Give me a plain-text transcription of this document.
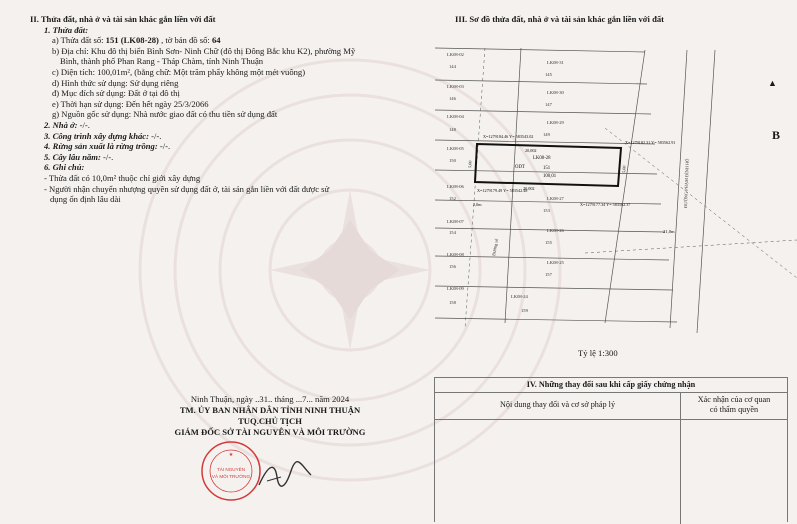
II. Thửa đất, nhà ở và tài sản khác gắn liền với đất
1. Thửa đất:
a) Thửa đất số: 151 (LK08-28) , tờ bản đồ số: 64
b) Địa chỉ: Khu đô thị biển Bình Sơn- Ninh Chữ (đô thị Đông Bắc khu K2), phường Mỹ
Bình, thành phố Phan Rang - Tháp Chàm, tỉnh Ninh Thuận
c) Diện tích: 100,01m², (bằng chữ: Một trăm phẩy không một mét vuông)
d) Hình thức sử dụng: Sử dụng riêng
đ) Mục đích sử dụng: Đất ở tại đô thị
e) Thời hạn sử dụng: Đến hết ngày 25/3/2066
g) Nguồn gốc sử dụng: Nhà nước giao đất có thu tiền sử dụng đất
2. Nhà ở: -/-.
3. Công trình xây dựng khác: -/-.
4. Rừng sản xuất là rừng trồng: -/-.
5. Cây lâu năm: -/-.
6. Ghi chú:
- Thửa đất có 10,0m² thuộc chỉ giới xây dựng
- Người nhận chuyển nhượng quyền sử dụng đất ở, tài sản gắn liền với đất được sử
dụng ổn định lâu dài
III. Sơ đồ thửa đất, nhà ở và tài sản khác gắn liền với đất
LK08-02
144
LK08-31
145
LK08-03
146
LK08-30
147
LK08-04
148
LK08-29
149
LK08-05
150	LK08-28
ODT	151
100,01
LK08-06
152	LK08-27
153
LK08-07
154	LK08-26
155
LK08-08
156
LK08-25
157
LK08-09
158
LK08-24
159
X=1279184.46 Y= 583543.02
X=1279182.31 Y= 583562.91
X=1279179.49 Y= 583542.48
X=1279177.34 Y= 583562.37
20,002
20,002
5,00
5,00
21,0m
ĐƯỜNG PHẠM ĐÌNH HỔ
Đường số
2,0m
▲
B
Tỷ lệ 1:300
Ninh Thuận, ngày ..31.. tháng ...7... năm 2024
TM. ỦY BAN NHÂN DÂN TỈNH NINH THUẬN
TUQ.CHỦ TỊCH
GIÁM ĐỐC SỞ TÀI NGUYÊN VÀ MÔI TRƯỜNG
★
TÀI NGUYÊN
VÀ MÔI TRƯỜNG
IV. Những thay đổi sau khi cấp giấy chứng nhận
Nội dung thay đổi và cơ sở pháp lý
Xác nhận của cơ quan
có thẩm quyền
